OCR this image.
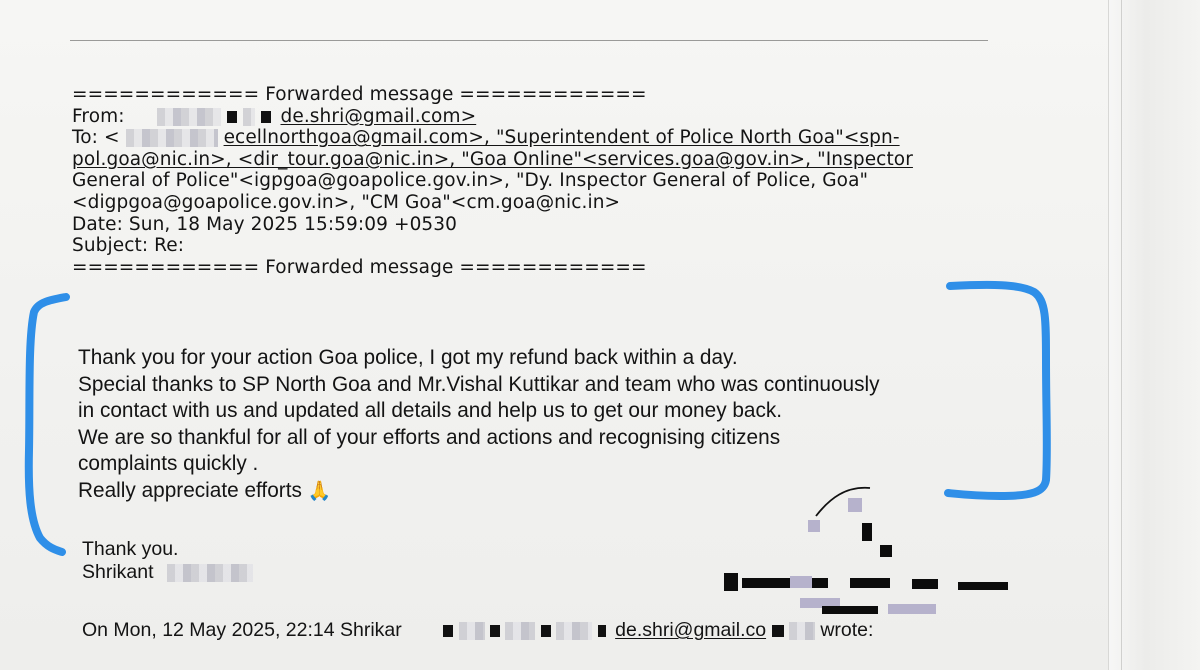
============ Forwarded message ============
From:	de.shri@gmail.com>
To: <	ecellnorthgoa@gmail.com>, "Superintendent of Police North Goa"<spn-
pol.goa@nic.in>, <dir_tour.goa@nic.in>, "Goa Online"<services.goa@gov.in>, "Inspector
General of Police"<igpgoa@goapolice.gov.in>, "Dy. Inspector General of Police, Goa"
<digpgoa@goapolice.gov.in>, "CM Goa"<cm.goa@nic.in>
Date: Sun, 18 May 2025 15:59:09 +0530
Subject: Re:
============ Forwarded message ============
Thank you for your action Goa police, I got my refund back within a day.
Special thanks to SP North Goa and Mr.Vishal Kuttikar and team who was continuously
in contact with us and updated all details and help us to get our money back.
We are so thankful for all of your efforts and actions and recognising citizens
complaints quickly .
Really appreciate efforts 🙏
Thank you.
Shrikant
On Mon, 12 May 2025, 22:14 Shrikar	de.shri@gmail.co	wrote:
